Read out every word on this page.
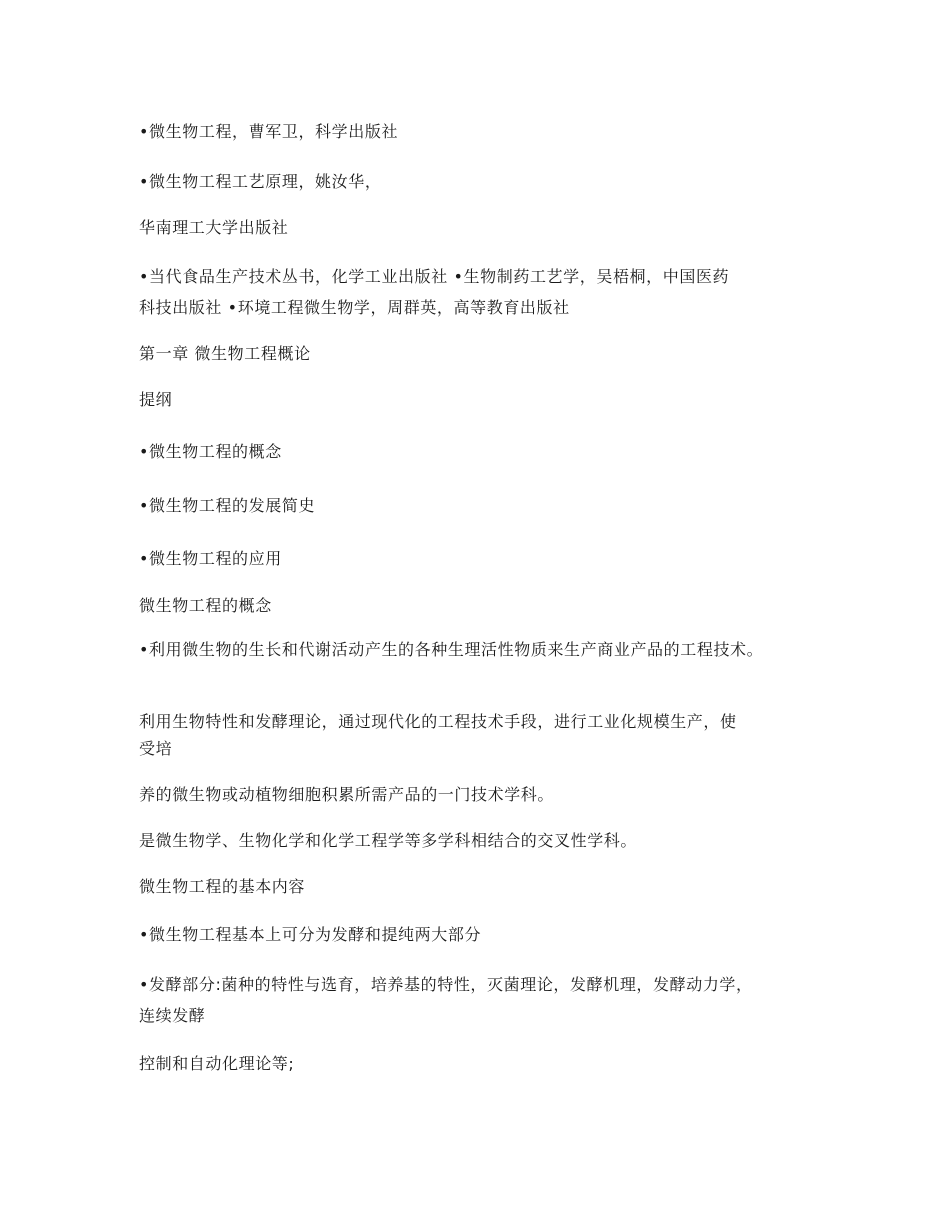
•微生物工程，曹军卫，科学出版社
•微生物工程工艺原理，姚汝华，
华南理工大学出版社
•当代食品生产技术丛书，化学工业出版社 •生物制药工艺学，吴梧桐，中国医药
科技出版社 •环境工程微生物学，周群英，高等教育出版社
第一章 微生物工程概论
提纲
•微生物工程的概念
•微生物工程的发展简史
•微生物工程的应用
微生物工程的概念
•利用微生物的生长和代谢活动产生的各种生理活性物质来生产商业产品的工程技术。
利用生物特性和发酵理论，通过现代化的工程技术手段，进行工业化规模生产，使
受培
养的微生物或动植物细胞积累所需产品的一门技术学科。
是微生物学、生物化学和化学工程学等多学科相结合的交叉性学科。
微生物工程的基本内容
•微生物工程基本上可分为发酵和提纯两大部分
•发酵部分:菌种的特性与选育，培养基的特性，灭菌理论，发酵机理，发酵动力学，
连续发酵
控制和自动化理论等;
